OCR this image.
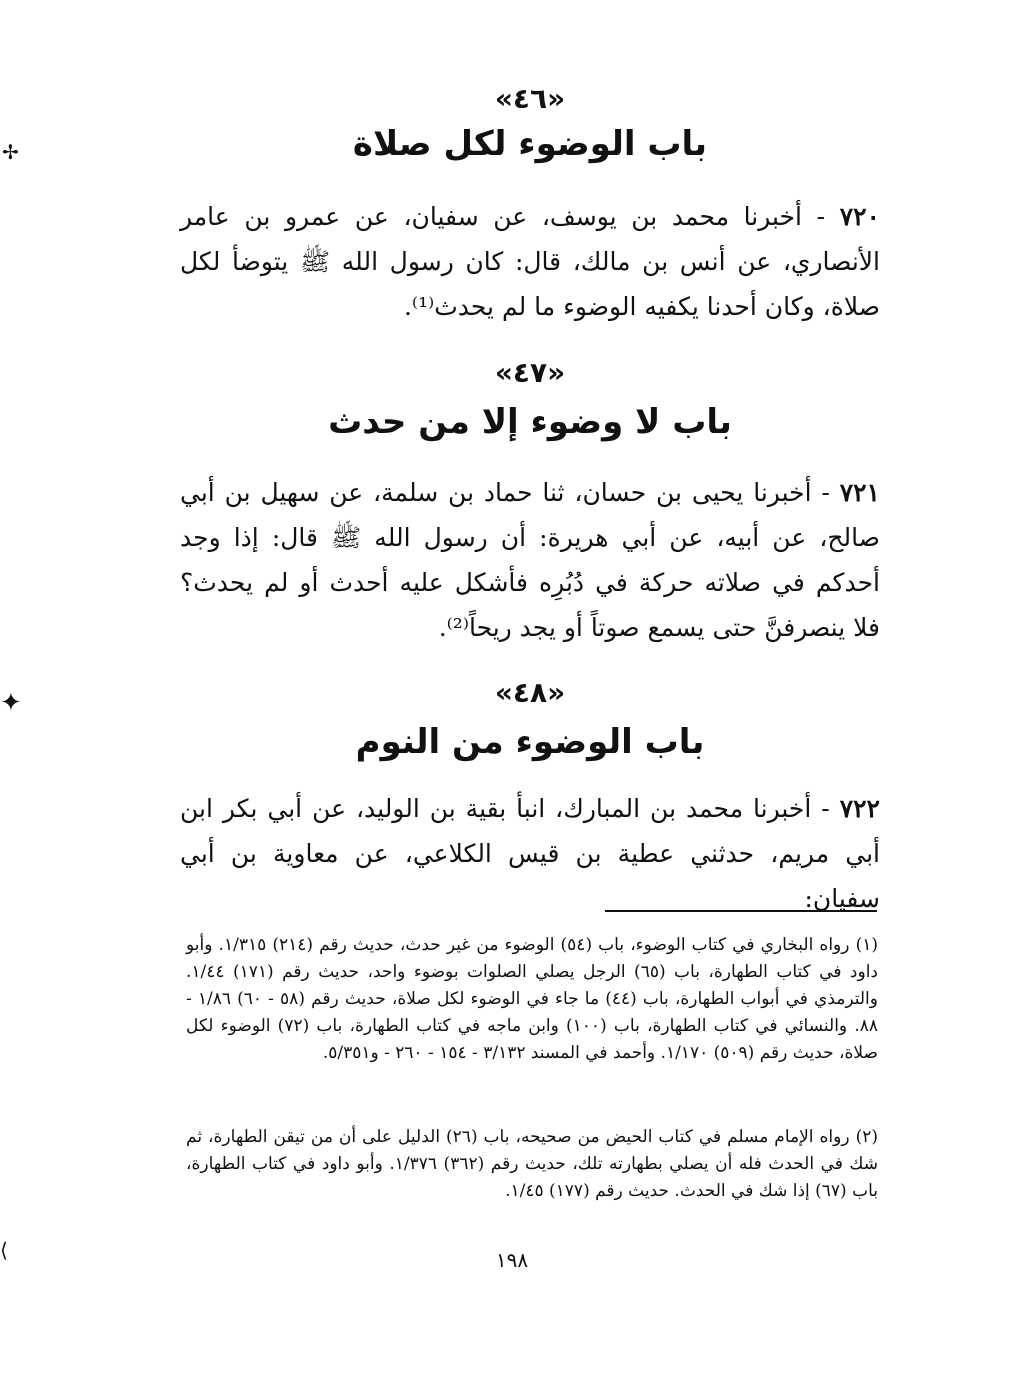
✢
✦
⟨
«٤٦»
باب الوضوء لكل صلاة
٧٢٠ - أخبرنا محمد بن يوسف، عن سفيان، عن عمرو بن عامر الأنصاري، عن أنس بن مالك، قال: كان رسول الله ﷺ يتوضأ لكل صلاة، وكان أحدنا يكفيه الوضوء ما لم يحدث⁽¹⁾.
«٤٧»
باب لا وضوء إلا من حدث
٧٢١ - أخبرنا يحيى بن حسان، ثنا حماد بن سلمة، عن سهيل بن أبي صالح، عن أبيه، عن أبي هريرة: أن رسول الله ﷺ قال: إذا وجد أحدكم في صلاته حركة في دُبُرِه فأشكل عليه أحدث أو لم يحدث؟ فلا ينصرفنَّ حتى يسمع صوتاً أو يجد ريحاً⁽²⁾.
«٤٨»
باب الوضوء من النوم
٧٢٢ - أخبرنا محمد بن المبارك، انبأ بقية بن الوليد، عن أبي بكر ابن أبي مريم، حدثني عطية بن قيس الكلاعي، عن معاوية بن أبي سفيان:
(١) رواه البخاري في كتاب الوضوء، باب (٥٤) الوضوء من غير حدث، حديث رقم (٢١٤) ١/٣١٥. وأبو داود في كتاب الطهارة، باب (٦٥) الرجل يصلي الصلوات بوضوء واحد، حديث رقم (١٧١) ١/٤٤. والترمذي في أبواب الطهارة، باب (٤٤) ما جاء في الوضوء لكل صلاة، حديث رقم (٥٨ - ٦٠) ١/٨٦ - ٨٨. والنسائي في كتاب الطهارة، باب (١٠٠) وابن ماجه في كتاب الطهارة، باب (٧٢) الوضوء لكل صلاة، حديث رقم (٥٠٩) ١/١٧٠. وأحمد في المسند ٣/١٣٢ - ١٥٤ - ٢٦٠ - و٥/٣٥١.
(٢) رواه الإمام مسلم في كتاب الحيض من صحيحه، باب (٢٦) الدليل على أن من تيقن الطهارة، ثم شك في الحدث فله أن يصلي بطهارته تلك، حديث رقم (٣٦٢) ١/٣٧٦. وأبو داود في كتاب الطهارة، باب (٦٧) إذا شك في الحدث. حديث رقم (١٧٧) ١/٤٥.
١٩٨
